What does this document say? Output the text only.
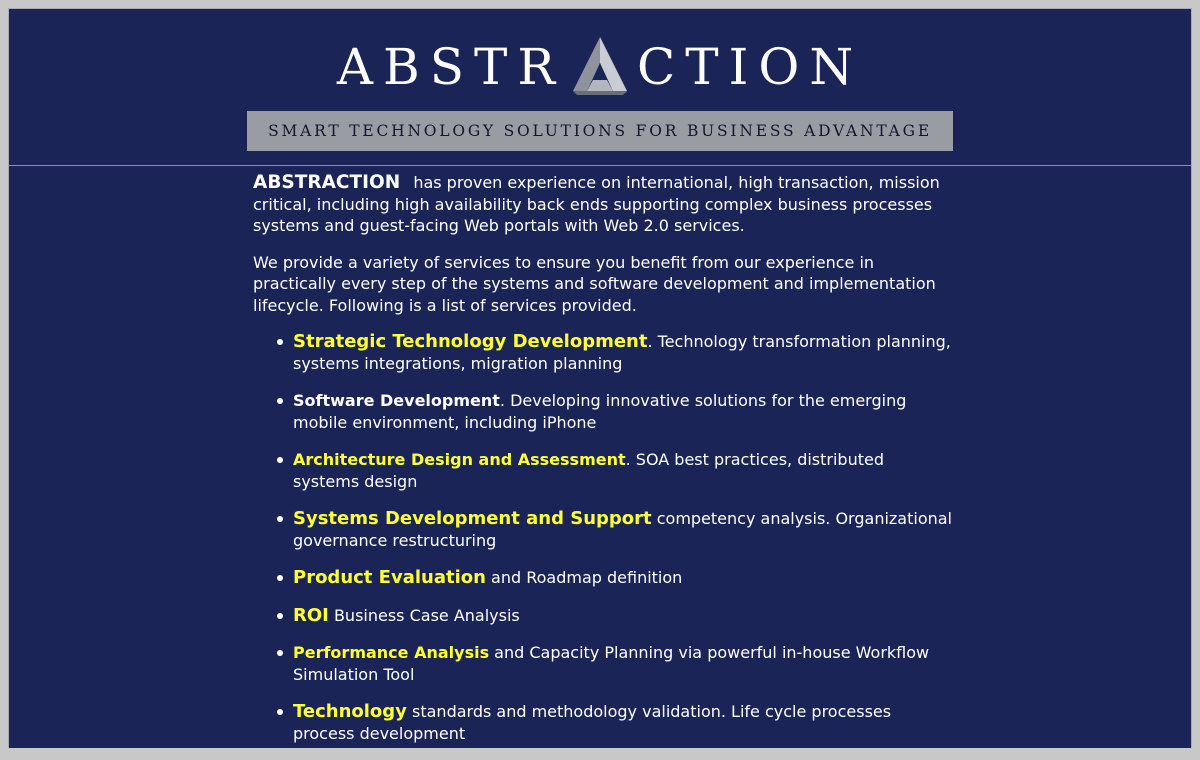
ABSTR CTION
SMART TECHNOLOGY SOLUTIONS FOR BUSINESS ADVANTAGE

ABSTRACTION has proven experience on international, high transaction, mission critical, including high availability back ends supporting complex business processes systems and guest-facing Web portals with Web 2.0 services.

We provide a variety of services to ensure you benefit from our experience in practically every step of the systems and software development and implementation lifecycle. Following is a list of services provided.

Strategic Technology Development. Technology transformation planning, systems integrations, migration planning
Software Development. Developing innovative solutions for the emerging mobile environment, including iPhone
Architecture Design and Assessment. SOA best practices, distributed systems design
Systems Development and Support competency analysis. Organizational governance restructuring
Product Evaluation and Roadmap definition
ROI Business Case Analysis
Performance Analysis and Capacity Planning via powerful in-house Workflow Simulation Tool
Technology standards and methodology validation. Life cycle processes process development
